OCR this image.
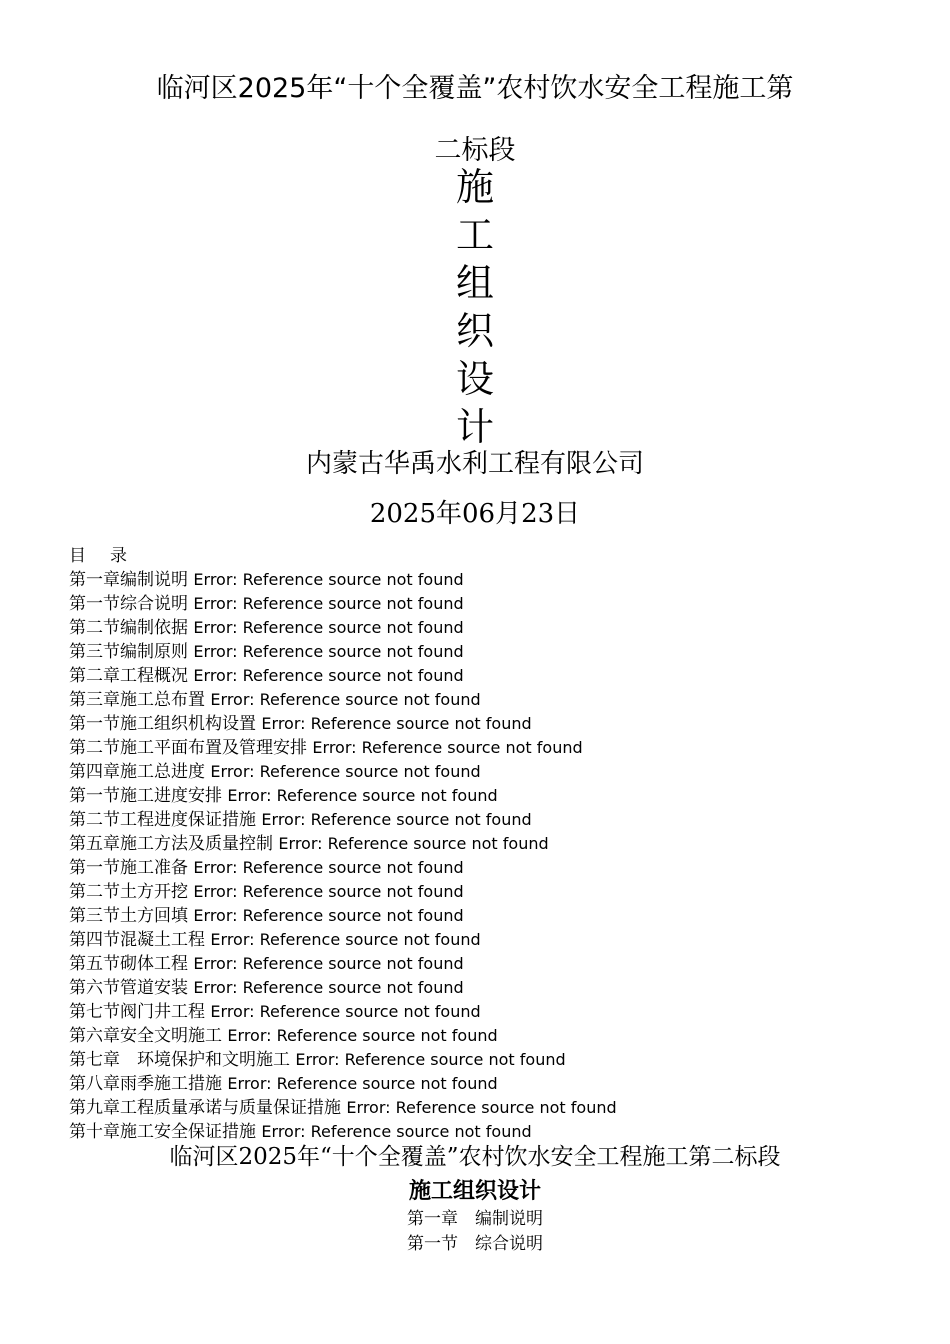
临河区2025年“十个全覆盖”农村饮水安全工程施工第
二标段
施
工
组
织
设
计
内蒙古华禹水利工程有限公司
2025年06月23日
目 录
第一章编制说明 Error: Reference source not found
第一节综合说明 Error: Reference source not found
第二节编制依据 Error: Reference source not found
第三节编制原则 Error: Reference source not found
第二章工程概况 Error: Reference source not found
第三章施工总布置 Error: Reference source not found
第一节施工组织机构设置 Error: Reference source not found
第二节施工平面布置及管理安排 Error: Reference source not found
第四章施工总进度 Error: Reference source not found
第一节施工进度安排 Error: Reference source not found
第二节工程进度保证措施 Error: Reference source not found
第五章施工方法及质量控制 Error: Reference source not found
第一节施工准备 Error: Reference source not found
第二节土方开挖 Error: Reference source not found
第三节土方回填 Error: Reference source not found
第四节混凝土工程 Error: Reference source not found
第五节砌体工程 Error: Reference source not found
第六节管道安装 Error: Reference source not found
第七节阀门井工程 Error: Reference source not found
第六章安全文明施工 Error: Reference source not found
第七章　环境保护和文明施工 Error: Reference source not found
第八章雨季施工措施 Error: Reference source not found
第九章工程质量承诺与质量保证措施 Error: Reference source not found
第十章施工安全保证措施 Error: Reference source not found
临河区2025年“十个全覆盖”农村饮水安全工程施工第二标段
施工组织设计
第一章　编制说明
第一节　综合说明
